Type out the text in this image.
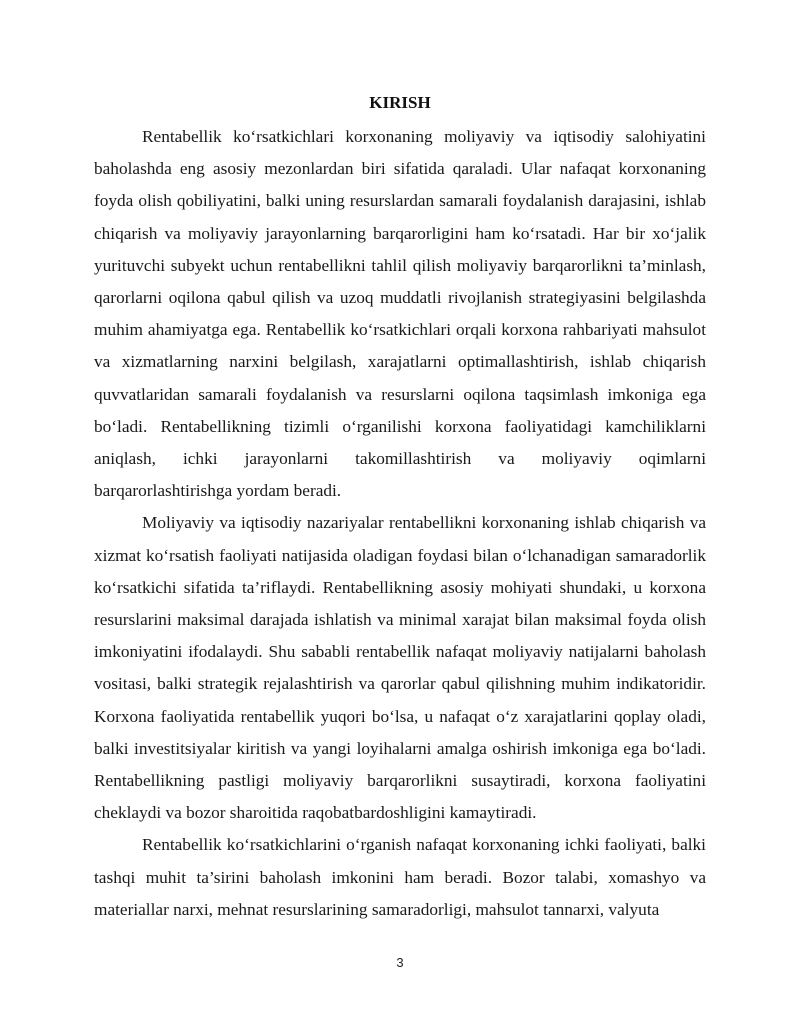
KIRISH

Rentabellik ko‘rsatkichlari korxonaning moliyaviy va iqtisodiy salohiyatini baholashda eng asosiy mezonlardan biri sifatida qaraladi. Ular nafaqat korxonaning foyda olish qobiliyatini, balki uning resurslardan samarali foydalanish darajasini, ishlab chiqarish va moliyaviy jarayonlarning barqarorligini ham ko‘rsatadi. Har bir xo‘jalik yurituvchi subyekt uchun rentabellikni tahlil qilish moliyaviy barqarorlikni ta’minlash, qarorlarni oqilona qabul qilish va uzoq muddatli rivojlanish strategiyasini belgilashda muhim ahamiyatga ega. Rentabellik ko‘rsatkichlari orqali korxona rahbariyati mahsulot va xizmatlarning narxini belgilash, xarajatlarni optimallashtirish, ishlab chiqarish quvvatlaridan samarali foydalanish va resurslarni oqilona taqsimlash imkoniga ega bo‘ladi. Rentabellikning tizimli o‘rganilishi korxona faoliyatidagi kamchiliklarni aniqlash, ichki jarayonlarni takomillashtirish va moliyaviy oqimlarni barqarorlashtirishga yordam beradi.

Moliyaviy va iqtisodiy nazariyalar rentabellikni korxonaning ishlab chiqarish va xizmat ko‘rsatish faoliyati natijasida oladigan foydasi bilan o‘lchanadigan samaradorlik ko‘rsatkichi sifatida ta’riflaydi. Rentabellikning asosiy mohiyati shundaki, u korxona resurslarini maksimal darajada ishlatish va minimal xarajat bilan maksimal foyda olish imkoniyatini ifodalaydi. Shu sababli rentabellik nafaqat moliyaviy natijalarni baholash vositasi, balki strategik rejalashtirish va qarorlar qabul qilishning muhim indikatoridir. Korxona faoliyatida rentabellik yuqori bo‘lsa, u nafaqat o‘z xarajatlarini qoplay oladi, balki investitsiyalar kiritish va yangi loyihalarni amalga oshirish imkoniga ega bo‘ladi. Rentabellikning pastligi moliyaviy barqarorlikni susaytiradi, korxona faoliyatini cheklaydi va bozor sharoitida raqobatbardoshligini kamaytiradi.

Rentabellik ko‘rsatkichlarini o‘rganish nafaqat korxonaning ichki faoliyati, balki tashqi muhit ta’sirini baholash imkonini ham beradi. Bozor talabi, xomashyo va materiallar narxi, mehnat resurslarining samaradorligi, mahsulot tannarxi, valyuta

3
